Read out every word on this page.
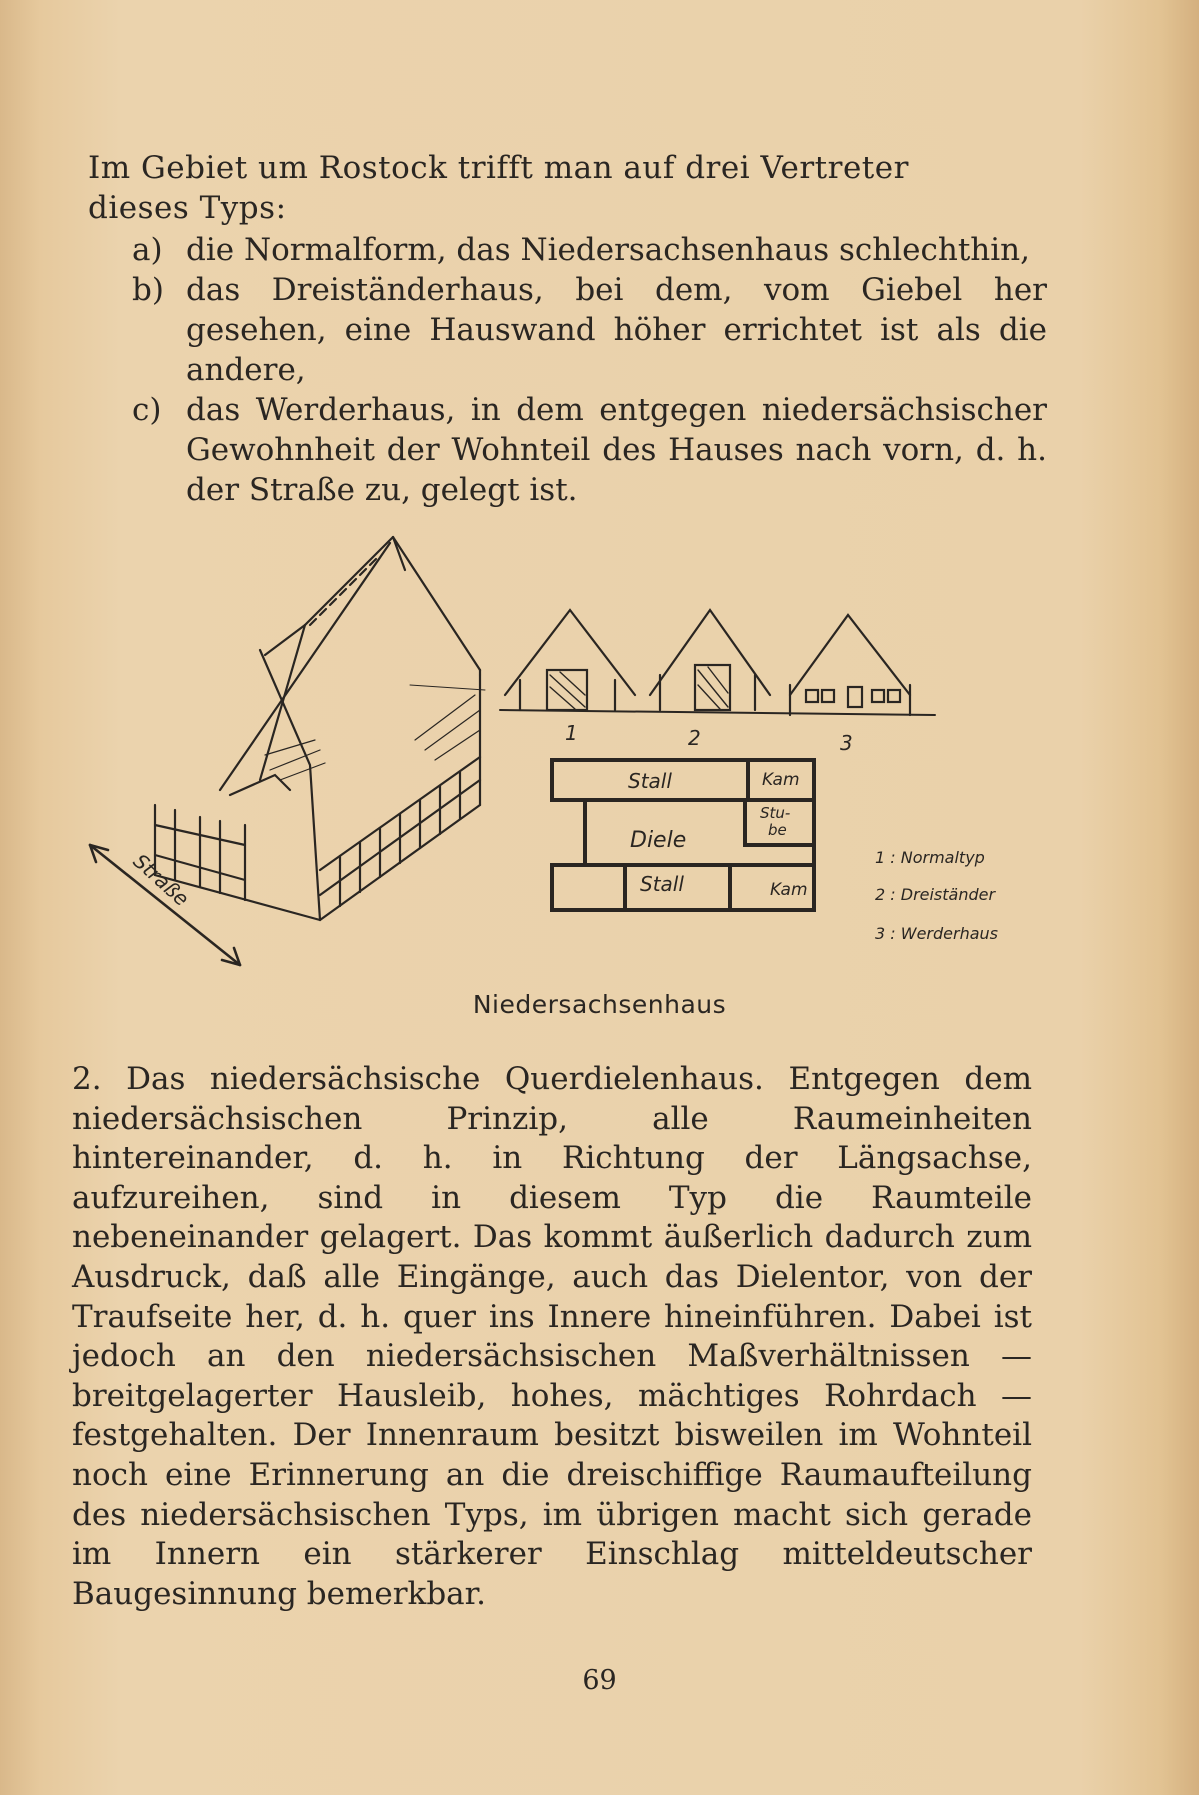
Im Gebiet um Rostock trifft man auf drei Vertreter
dieses Typs:
a) die Normalform, das Niedersachsenhaus schlechthin,
b) das Dreiständerhaus, bei dem, vom Giebel her gesehen, eine Hauswand höher errichtet ist als die andere,
c) das Werderhaus, in dem entgegen niedersächsischer Gewohnheit der Wohnteil des Hauses nach vorn, d. h. der Straße zu, gelegt ist.
Straße
1	2	3
Stall	Kam
Stu-
be
Diele
Stall	Kam
1 : Normaltyp
2 : Dreiständer
3 : Werderhaus
Niedersachsenhaus
2. Das niedersächsische Querdielenhaus. Entgegen dem niedersächsischen Prinzip, alle Raumeinheiten hintereinander, d. h. in Richtung der Längsachse, aufzureihen, sind in diesem Typ die Raumteile nebeneinander gelagert. Das kommt äußerlich dadurch zum Ausdruck, daß alle Eingänge, auch das Dielentor, von der Traufseite her, d. h. quer ins Innere hineinführen. Dabei ist jedoch an den niedersächsischen Maßverhältnissen — breitgelagerter Hausleib, hohes, mächtiges Rohrdach — festgehalten. Der Innenraum besitzt bisweilen im Wohnteil noch eine Erinnerung an die dreischiffige Raumaufteilung des niedersächsischen Typs, im übrigen macht sich gerade im Innern ein stärkerer Einschlag mitteldeutscher Baugesinnung bemerkbar.
69
